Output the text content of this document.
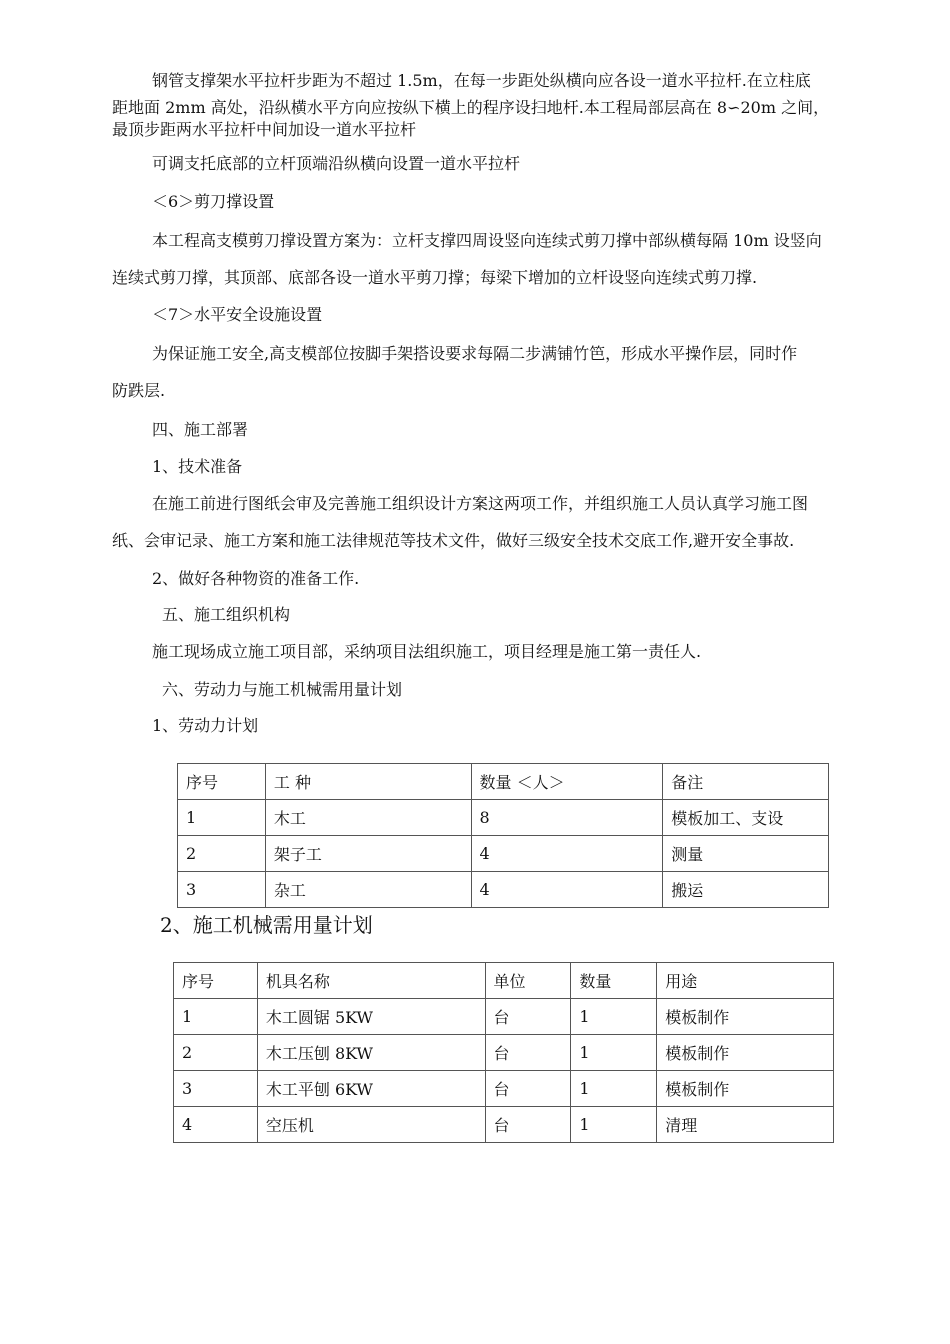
钢管支撑架水平拉杆步距为不超过 1.5m，在每一步距处纵横向应各设一道水平拉杆.在立柱底
距地面 2mm 高处，沿纵横水平方向应按纵下横上的程序设扫地杆.本工程局部层高在 8∽20m 之间，
最顶步距两水平拉杆中间加设一道水平拉杆
可调支托底部的立杆顶端沿纵横向设置一道水平拉杆
＜6＞剪刀撑设置
本工程高支模剪刀撑设置方案为：立杆支撑四周设竖向连续式剪刀撑中部纵横每隔 10m 设竖向
连续式剪刀撑，其顶部、底部各设一道水平剪刀撑；每梁下增加的立杆设竖向连续式剪刀撑.
＜7＞水平安全设施设置
为保证施工安全,高支模部位按脚手架搭设要求每隔二步满铺竹笆，形成水平操作层，同时作
防跌层.
四、施工部署
1、技术准备
在施工前进行图纸会审及完善施工组织设计方案这两项工作，并组织施工人员认真学习施工图
纸、会审记录、施工方案和施工法律规范等技术文件，做好三级安全技术交底工作,避开安全事故.
2、做好各种物资的准备工作.
五、施工组织机构
施工现场成立施工项目部，采纳项目法组织施工，项目经理是施工第一责任人.
六、劳动力与施工机械需用量计划
1、劳动力计划
序号	工 种	数量 ＜人＞	备注
1	木工	8	模板加工、支设
2	架子工	4	测量
3	杂工	4	搬运
2、施工机械需用量计划
序号	机具名称	单位	数量	用途
1	木工圆锯 5KW	台	1	模板制作
2	木工压刨 8KW	台	1	模板制作
3	木工平刨 6KW	台	1	模板制作
4	空压机	台	1	清理
